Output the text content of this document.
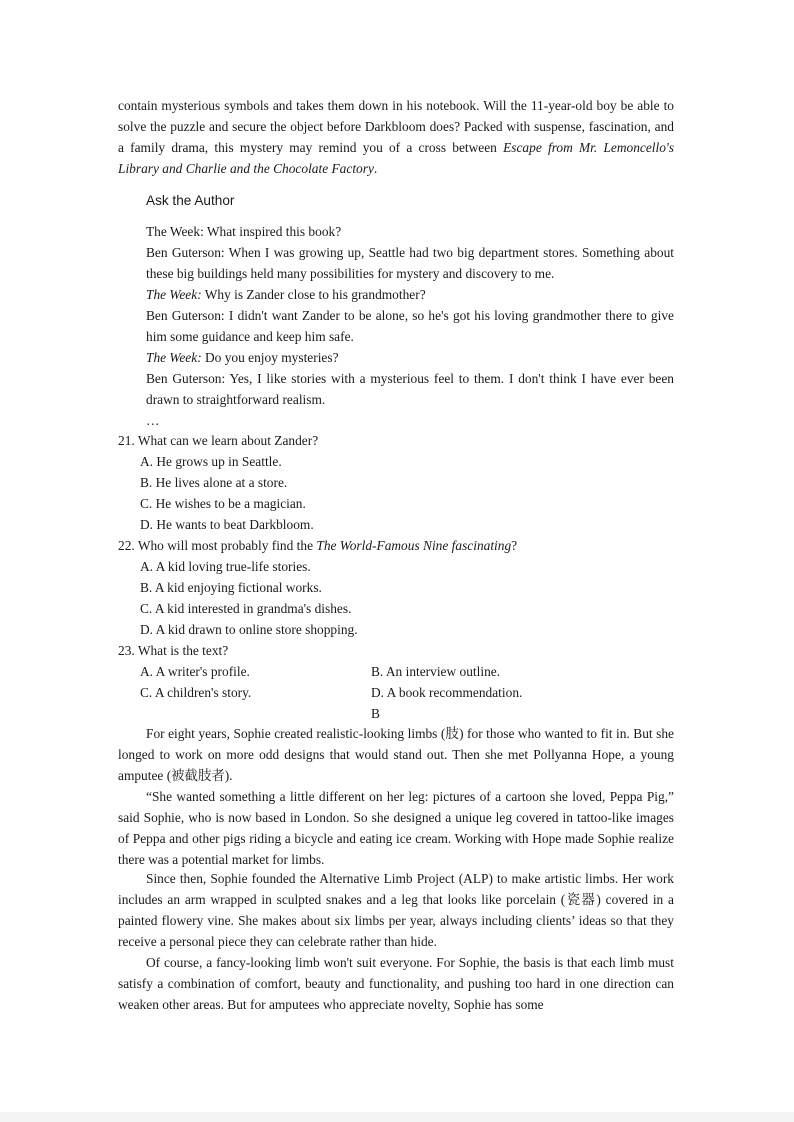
contain mysterious symbols and takes them down in his notebook. Will the 11-year-old boy be able to solve the puzzle and secure the object before Darkbloom does? Packed with suspense, fascination, and a family drama, this mystery may remind you of a cross between Escape from Mr. Lemoncello's Library and Charlie and the Chocolate Factory.

Ask the Author

The Week: What inspired this book?

Ben Guterson: When I was growing up, Seattle had two big department stores. Something about these big buildings held many possibilities for mystery and discovery to me.

The Week: Why is Zander close to his grandmother?

Ben Guterson: I didn't want Zander to be alone, so he's got his loving grandmother there to give him some guidance and keep him safe.

The Week: Do you enjoy mysteries?

Ben Guterson: Yes, I like stories with a mysterious feel to them. I don't think I have ever been drawn to straightforward realism.

…
21. What can we learn about Zander?
A. He grows up in Seattle.
B. He lives alone at a store.
C. He wishes to be a magician.
D. He wants to beat Darkbloom.
22. Who will most probably find the The World-Famous Nine fascinating?
A. A kid loving true-life stories.
B. A kid enjoying fictional works.
C. A kid interested in grandma's dishes.
D. A kid drawn to online store shopping.
23. What is the text?
A. A writer's profile.	B. An interview outline.
C. A children's story.	D. A book recommendation.
B

For eight years, Sophie created realistic-looking limbs (肢) for those who wanted to fit in. But she longed to work on more odd designs that would stand out. Then she met Pollyanna Hope, a young amputee (被截肢者).

“She wanted something a little different on her leg: pictures of a cartoon she loved, Peppa Pig,” said Sophie, who is now based in London. So she designed a unique leg covered in tattoo-like images of Peppa and other pigs riding a bicycle and eating ice cream. Working with Hope made Sophie realize there was a potential market for limbs.

Since then, Sophie founded the Alternative Limb Project (ALP) to make artistic limbs. Her work includes an arm wrapped in sculpted snakes and a leg that looks like porcelain (瓷器) covered in a painted flowery vine. She makes about six limbs per year, always including clients’ ideas so that they receive a personal piece they can celebrate rather than hide.

Of course, a fancy-looking limb won't suit everyone. For Sophie, the basis is that each limb must satisfy a combination of comfort, beauty and functionality, and pushing too hard in one direction can weaken other areas. But for amputees who appreciate novelty, Sophie has some
